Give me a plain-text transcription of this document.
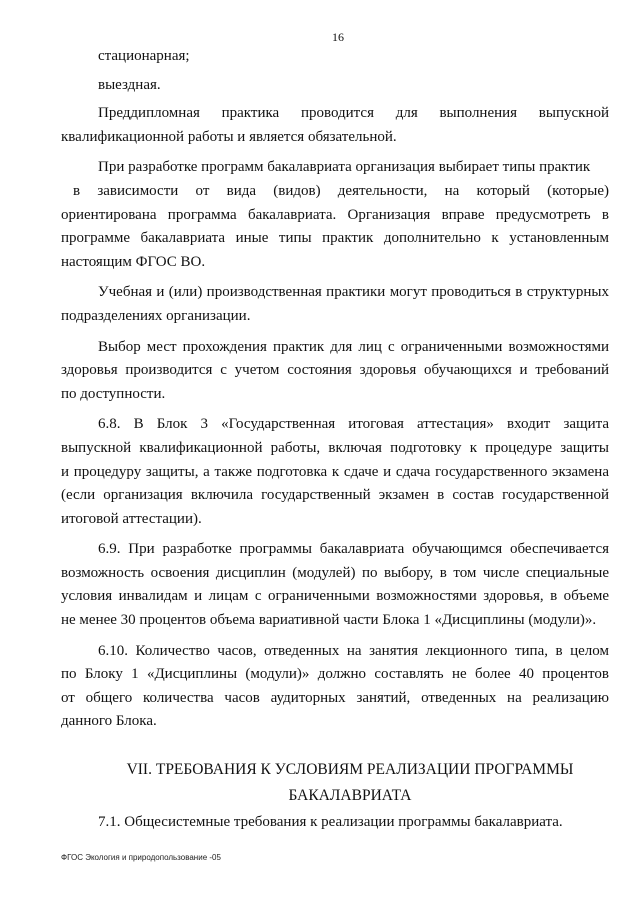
16

стационарная;

выездная.

Преддипломная практика проводится для выполнения выпускной
квалификационной работы и является обязательной.

При разработке программ бакалавриата организация выбирает типы практик
в зависимости от вида (видов) деятельности, на который (которые)
ориентирована программа бакалавриата. Организация вправе предусмотреть в
программе бакалавриата иные типы практик дополнительно к установленным
настоящим ФГОС ВО.

Учебная и (или) производственная практики могут проводиться в структурных
подразделениях организации.

Выбор мест прохождения практик для лиц с ограниченными возможностями
здоровья производится с учетом состояния здоровья обучающихся и требований
по доступности.

6.8. В Блок 3 «Государственная итоговая аттестация» входит защита
выпускной квалификационной работы, включая подготовку к процедуре защиты
и процедуру защиты, а также подготовка к сдаче и сдача государственного экзамена
(если организация включила государственный экзамен в состав государственной
итоговой аттестации).

6.9. При разработке программы бакалавриата обучающимся обеспечивается
возможность освоения дисциплин (модулей) по выбору, в том числе специальные
условия инвалидам и лицам с ограниченными возможностями здоровья, в объеме
не менее 30 процентов объема вариативной части Блока 1 «Дисциплины (модули)».

6.10. Количество часов, отведенных на занятия лекционного типа, в целом
по Блоку 1 «Дисциплины (модули)» должно составлять не более 40 процентов
от общего количества часов аудиторных занятий, отведенных на реализацию
данного Блока.

VII. ТРЕБОВАНИЯ К УСЛОВИЯМ РЕАЛИЗАЦИИ ПРОГРАММЫ
БАКАЛАВРИАТА

7.1. Общесистемные требования к реализации программы бакалавриата.

ФГОС Экология и природопользование -05
